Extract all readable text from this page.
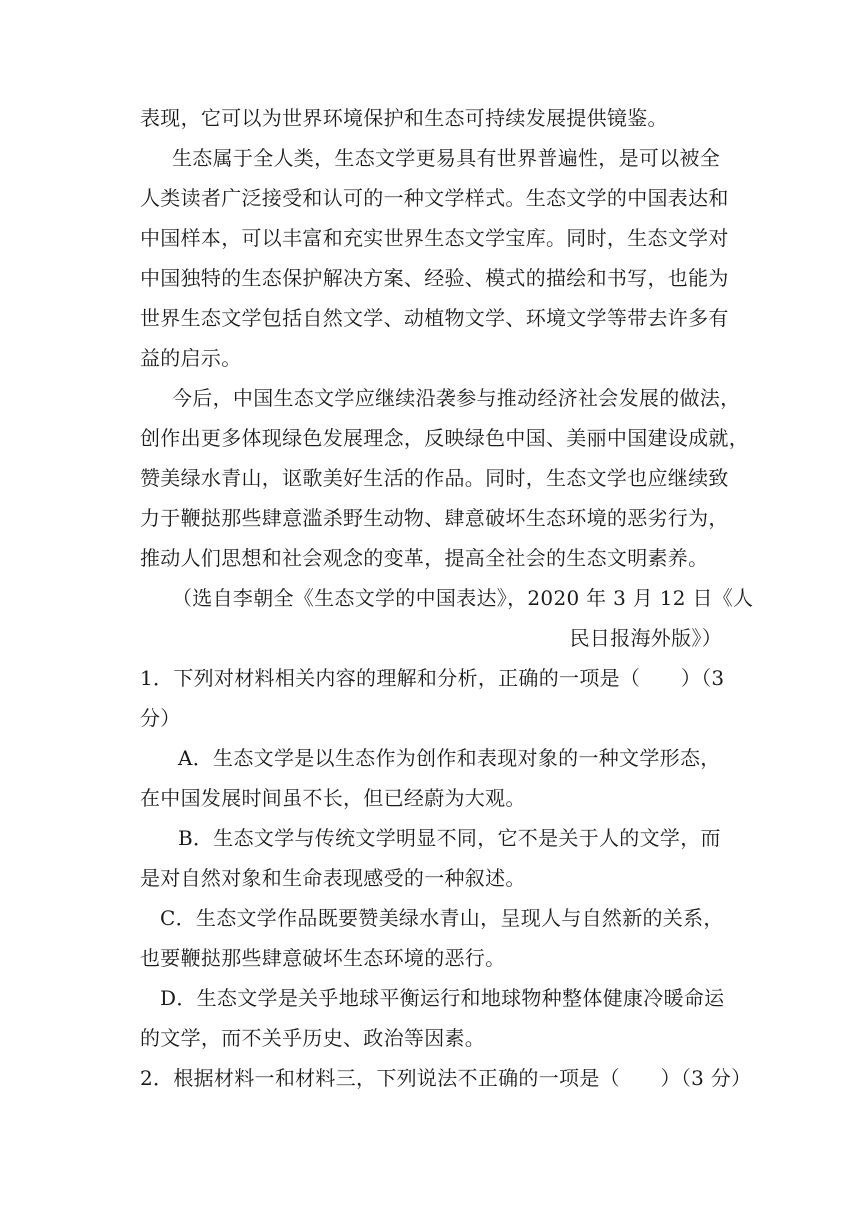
表现，它可以为世界环境保护和生态可持续发展提供镜鉴。
生态属于全人类，生态文学更易具有世界普遍性，是可以被全
人类读者广泛接受和认可的一种文学样式。生态文学的中国表达和
中国样本，可以丰富和充实世界生态文学宝库。同时，生态文学对
中国独特的生态保护解决方案、经验、模式的描绘和书写，也能为
世界生态文学包括自然文学、动植物文学、环境文学等带去许多有
益的启示。
今后，中国生态文学应继续沿袭参与推动经济社会发展的做法，
创作出更多体现绿色发展理念，反映绿色中国、美丽中国建设成就，
赞美绿水青山，讴歌美好生活的作品。同时，生态文学也应继续致
力于鞭挞那些肆意滥杀野生动物、肆意破坏生态环境的恶劣行为，
推动人们思想和社会观念的变革，提高全社会的生态文明素养。
（选自李朝全《生态文学的中国表达》，2020 年 3 月 12 日《人
民日报海外版》）
1．下列对材料相关内容的理解和分析，正确的一项是（　　）（3
分）
A．生态文学是以生态作为创作和表现对象的一种文学形态，
在中国发展时间虽不长，但已经蔚为大观。
B．生态文学与传统文学明显不同，它不是关于人的文学，而
是对自然对象和生命表现感受的一种叙述。
C．生态文学作品既要赞美绿水青山，呈现人与自然新的关系，
也要鞭挞那些肆意破坏生态环境的恶行。
D．生态文学是关乎地球平衡运行和地球物种整体健康冷暖命运
的文学，而不关乎历史、政治等因素。
2．根据材料一和材料三，下列说法不正确的一项是（　　）（3 分）
